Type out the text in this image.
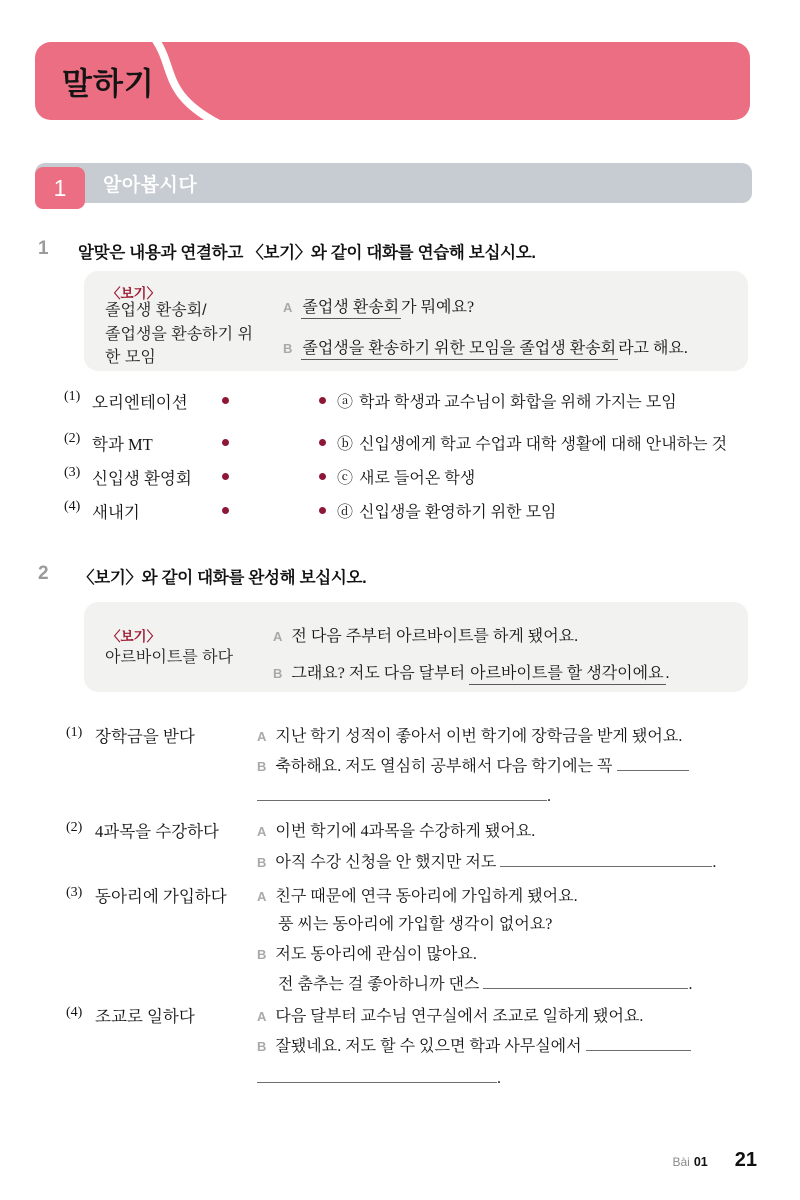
말하기
알아봅시다
1
1 알맞은 내용과 연결하고 〈보기〉와 같이 대화를 연습해 보십시오.
〈보기〉
졸업생 환송회/
졸업생을 환송하기 위
한 모임
A 졸업생 환송회 가 뭐예요?
B 졸업생을 환송하기 위한 모임을 졸업생 환송회 라고 해요.
(1) 오리엔테이션	ⓐ 학과 학생과 교수님이 화합을 위해 가지는 모임
(2) 학과 MT	ⓑ 신입생에게 학교 수업과 대학 생활에 대해 안내하는 것
(3) 신입생 환영회	ⓒ 새로 들어온 학생
(4) 새내기	ⓓ 신입생을 환영하기 위한 모임
2 〈보기〉와 같이 대화를 완성해 보십시오.
〈보기〉
아르바이트를 하다
A 전 다음 주부터 아르바이트를 하게 됐어요.
B 그래요? 저도 다음 달부터 아르바이트를 할 생각이에요 .
(1) 장학금을 받다	A 지난 학기 성적이 좋아서 이번 학기에 장학금을 받게 됐어요.
B 축하해요. 저도 열심히 공부해서 다음 학기에는 꼭
.
(2) 4과목을 수강하다	A 이번 학기에 4과목을 수강하게 됐어요.
B 아직 수강 신청을 안 했지만 저도	.
(3) 동아리에 가입하다 A 친구 때문에 연극 동아리에 가입하게 됐어요.
풍 씨는 동아리에 가입할 생각이 없어요?
B 저도 동아리에 관심이 많아요.
전 춤추는 걸 좋아하니까 댄스	.
(4) 조교로 일하다	A 다음 달부터 교수님 연구실에서 조교로 일하게 됐어요.
B 잘됐네요. 저도 할 수 있으면 학과 사무실에서
.
Bài 01 21
